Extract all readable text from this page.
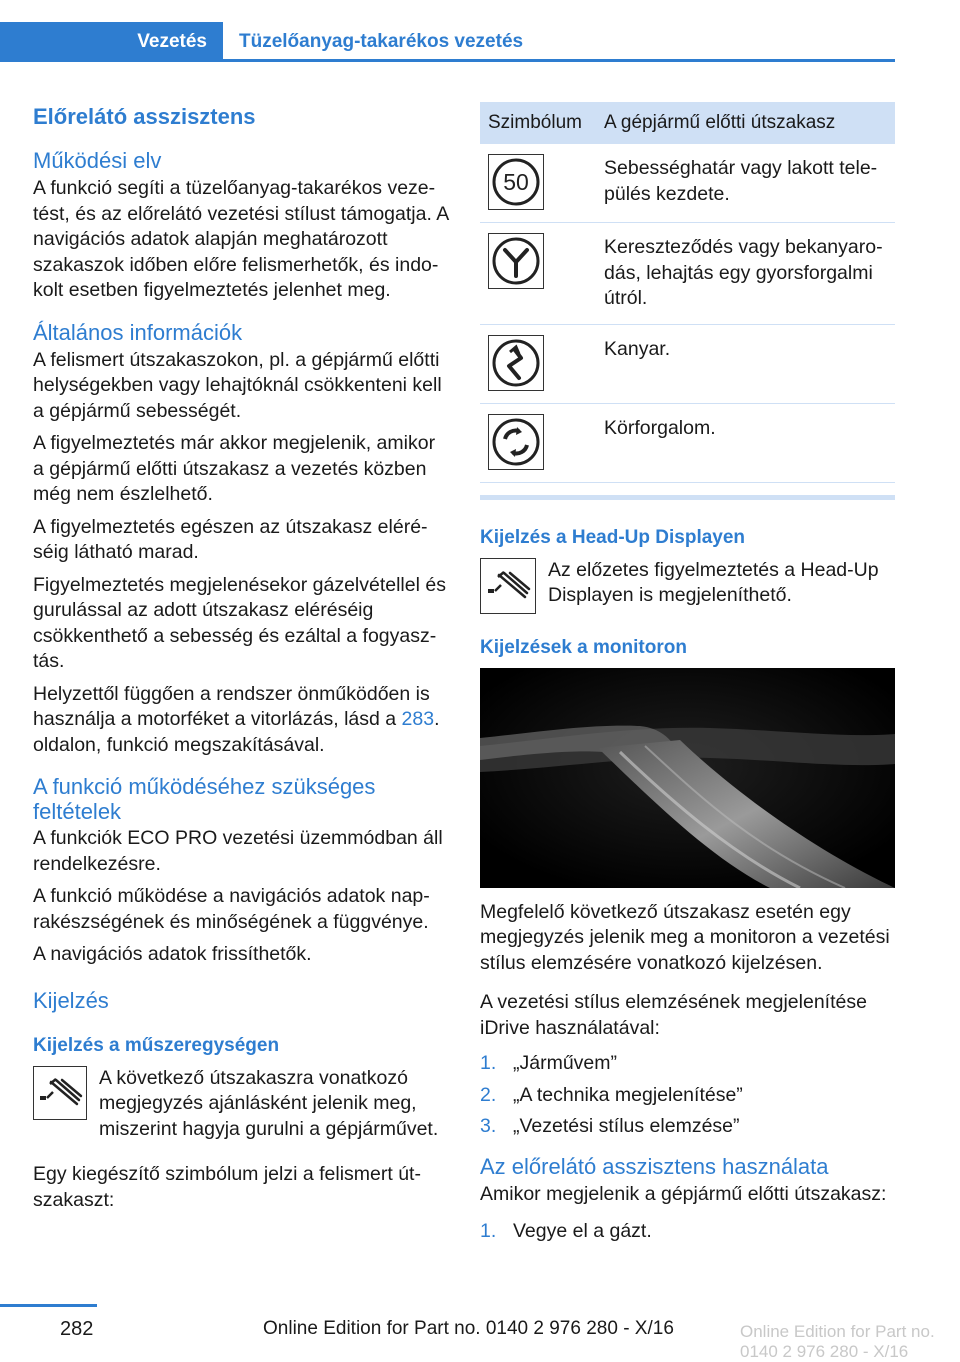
Vezetés	Tüzelőanyag-takarékos vezetés
Előrelátó asszisztens
Működési elv

A funkció segíti a tüzelőanyag-takarékos vezetést, és az előrelátó vezetési stílust támogatja. A navigációs adatok alapján meghatározott szakaszok időben előre felismerhetők, és indokolt esetben figyelmeztetés jelenhet meg.

Általános információk

A felismert útszakaszokon, pl. a gépjármű előtti helységekben vagy lehajtóknál csökkenteni kell a gépjármű sebességét.

A figyelmeztetés már akkor megjelenik, amikor a gépjármű előtti útszakasz a vezetés közben még nem észlelhető.

A figyelmeztetés egészen az útszakasz eléréséig látható marad.

Figyelmeztetés megjelenésekor gázelvétellel és gurulással az adott útszakasz eléréséig csökkenthető a sebesség és ezáltal a fogyasztás.

Helyzettől függően a rendszer önműködően is használja a motorféket a vitorlázás, lásd a 283. oldalon, funkció megszakításával.

A funkció működéséhez szükséges feltételek

A funkciók ECO PRO vezetési üzemmódban áll rendelkezésre.

A funkció működése a navigációs adatok naprakészségének és minőségének a függvénye.

A navigációs adatok frissíthetők.

Kijelzés
Kijelzés a műszeregységen
A következő útszakaszra vonatkozó megjegyzés ajánlásként jelenik meg, miszerint hagyja gurulni a gépjárművet.

Egy kiegészítő szimbólum jelzi a felismert útszakaszt:

Szimbólum	A gépjármű előtti útszakasz

50	Sebességhatár vagy lakott település kezdete.

	Kereszteződés vagy bekanyarodás, lehajtás egy gyorsforgalmi útról.

	Kanyar.

	Körforgalom.
Kijelzés a Head-Up Displayen
Az előzetes figyelmeztetés a Head-Up Displayen is megjeleníthető.
Kijelzések a monitoron

Megfelelő következő útszakasz esetén egy megjegyzés jelenik meg a monitoron a vezetési stílus elemzésére vonatkozó kijelzésen.

A vezetési stílus elemzésének megjelenítése iDrive használatával:

1. „Járművem”
2. „A technika megjelenítése”
3. „Vezetési stílus elemzése”
Az előrelátó asszisztens használata

Amikor megjelenik a gépjármű előtti útszakasz:

1. Vegye el a gázt.
282	Online Edition for Part no. 0140 2 976 280 - X/16	Online Edition for Part no. 0140 2 976 280 - X/16
